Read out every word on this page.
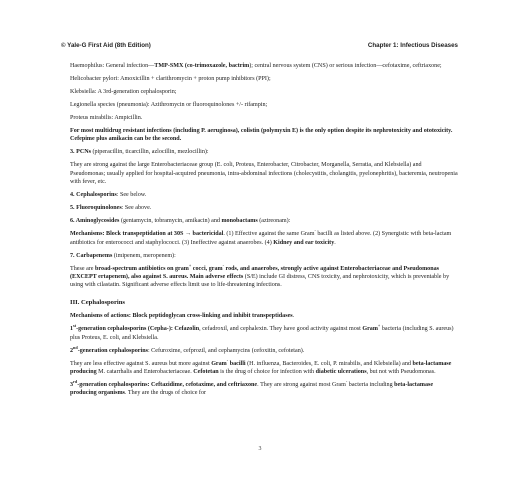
© Yale-G First Aid (8th Edition)	Chapter 1: Infectious Diseases

Haemophilus: General infection—TMP-SMX (co-trimoxazole, bactrim); central nervous system (CNS) or serious infection—cefotaxime, ceftriaxone;

Helicobacter pylori: Amoxicillin + clarithromycin + proton pump inhibitors (PPI);

Klebsiella: A 3rd-generation cephalosporin;

Legionella species (pneumonia): Azithromycin or fluoroquinolones +/- rifampin;

Proteus mirabilis: Ampicillin.

For most multidrug resistant infections (including P. aeruginosa), colistin (polymyxin E) is the only option despite its nephrotoxicity and ototoxicity. Cefepime plus amikacin can be the second.

3. PCNs (piperacillin, ticarcillin, azlocillin, mezlocillin):

They are strong against the large Enterobacteriaceae group (E. coli, Proteus, Enterobacter, Citrobacter, Morganella, Serratia, and Klebsiella) and Pseudomonas; usually applied for hospital-acquired pneumonia, intra-abdominal infections (cholecystitis, cholangitis, pyelonephritis), bacteremia, neutropenia with fever, etc.

4. Cephalosporins: See below.

5. Fluoroquinolones: See above.

6. Aminoglycosides (gentamycin, tobramycin, amikacin) and monobactams (aztreonam):

Mechanisms: Block transpeptidation at 30S → bactericidal. (1) Effective against the same Gram- bacilli as listed above. (2) Synergistic with beta-lactam antibiotics for enterococci and staphylococci. (3) Ineffective against anaerobes. (4) Kidney and ear toxicity.

7. Carbapenems (imipenem, meropenem):

These are broad-spectrum antibiotics on gram+ cocci, gram- rods, and anaerobes, strongly active against Enterobacteriaceae and Pseudomonas (EXCEPT ertapenem), also against S. aureus. Main adverse effects (S/E) include GI distress, CNS toxicity, and nephrotoxicity, which is preventable by using with cilastatin. Significant adverse effects limit use to life-threatening infections.

III. Cephalosporins

Mechanisms of actions: Block peptidoglycan cross-linking and inhibit transpeptidases.

1st-generation cephalosporins (Cepha-): Cefazolin, cefadroxil, and cephalexin. They have good activity against most Gram+ bacteria (including S. aureus) plus Proteus, E. coli, and Klebsiella.

2nd-generation cephalosporins: Cefuroxime, cefprozil, and cephamycins (cefoxitin, cefotetan).

They are less effective against S. aureus but more against Gram- bacilli (H. influenza, Bacteroides, E. coli, P. mirabilis, and Klebsiella) and beta-lactamase producing M. catarrhalis and Enterobacteriaceae. Cefotetan is the drug of choice for infection with diabetic ulcerations, but not with Pseudomonas.

3rd-generation cephalosporins: Ceftazidime, cefotaxime, and ceftriaxone. They are strong against most Gram- bacteria including beta-lactamase producing organisms. They are the drugs of choice for

3
